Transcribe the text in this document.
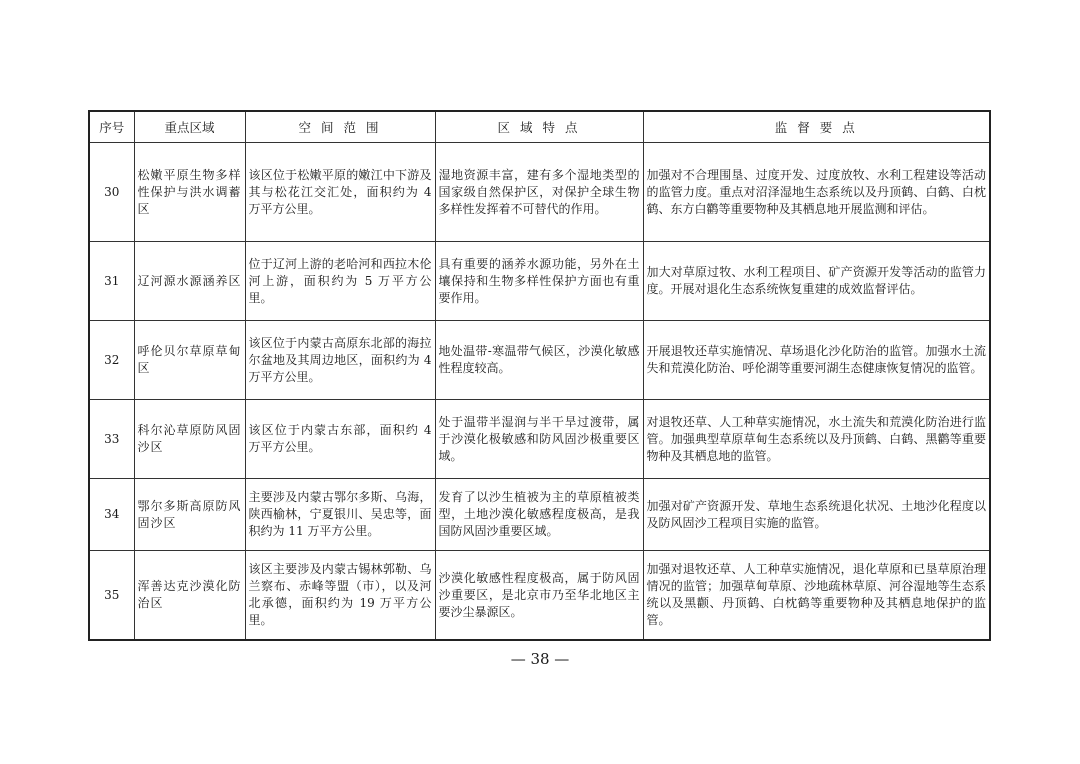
序号	重点区域	空 间 范 围	区 域 特 点	监 督 要 点
30	松嫩平原生物多样性保护与洪水调蓄区	该区位于松嫩平原的嫩江中下游及其与松花江交汇处，面积约为 4 万平方公里。	湿地资源丰富，建有多个湿地类型的国家级自然保护区，对保护全球生物多样性发挥着不可替代的作用。	加强对不合理围垦、过度开发、过度放牧、水利工程建设等活动的监管力度。重点对沼泽湿地生态系统以及丹顶鹤、白鹤、白枕鹤、东方白鹳等重要物种及其栖息地开展监测和评估。
31	辽河源水源涵养区	位于辽河上游的老哈河和西拉木伦河上游，面积约为 5 万平方公里。	具有重要的涵养水源功能，另外在土壤保持和生物多样性保护方面也有重要作用。	加大对草原过牧、水利工程项目、矿产资源开发等活动的监管力度。开展对退化生态系统恢复重建的成效监督评估。
32	呼伦贝尔草原草甸区	该区位于内蒙古高原东北部的海拉尔盆地及其周边地区，面积约为 4 万平方公里。	地处温带-寒温带气候区，沙漠化敏感性程度较高。	开展退牧还草实施情况、草场退化沙化防治的监管。加强水土流失和荒漠化防治、呼伦湖等重要河湖生态健康恢复情况的监管。
33	科尔沁草原防风固沙区	该区位于内蒙古东部，面积约 4 万平方公里。	处于温带半湿润与半干旱过渡带，属于沙漠化极敏感和防风固沙极重要区域。	对退牧还草、人工种草实施情况，水土流失和荒漠化防治进行监管。加强典型草原草甸生态系统以及丹顶鹤、白鹤、黑鹳等重要物种及其栖息地的监管。
34	鄂尔多斯高原防风固沙区	主要涉及内蒙古鄂尔多斯、乌海，陕西榆林，宁夏银川、吴忠等，面积约为 11 万平方公里。	发育了以沙生植被为主的草原植被类型，土地沙漠化敏感程度极高，是我国防风固沙重要区域。	加强对矿产资源开发、草地生态系统退化状况、土地沙化程度以及防风固沙工程项目实施的监管。
35	浑善达克沙漠化防治区	该区主要涉及内蒙古锡林郭勒、乌兰察布、赤峰等盟（市），以及河北承德，面积约为 19 万平方公里。	沙漠化敏感性程度极高，属于防风固沙重要区，是北京市乃至华北地区主要沙尘暴源区。	加强对退牧还草、人工种草实施情况，退化草原和已垦草原治理情况的监管；加强草甸草原、沙地疏林草原、河谷湿地等生态系统以及黑颧、丹顶鹤、白枕鹤等重要物种及其栖息地保护的监管。
— 38 —
